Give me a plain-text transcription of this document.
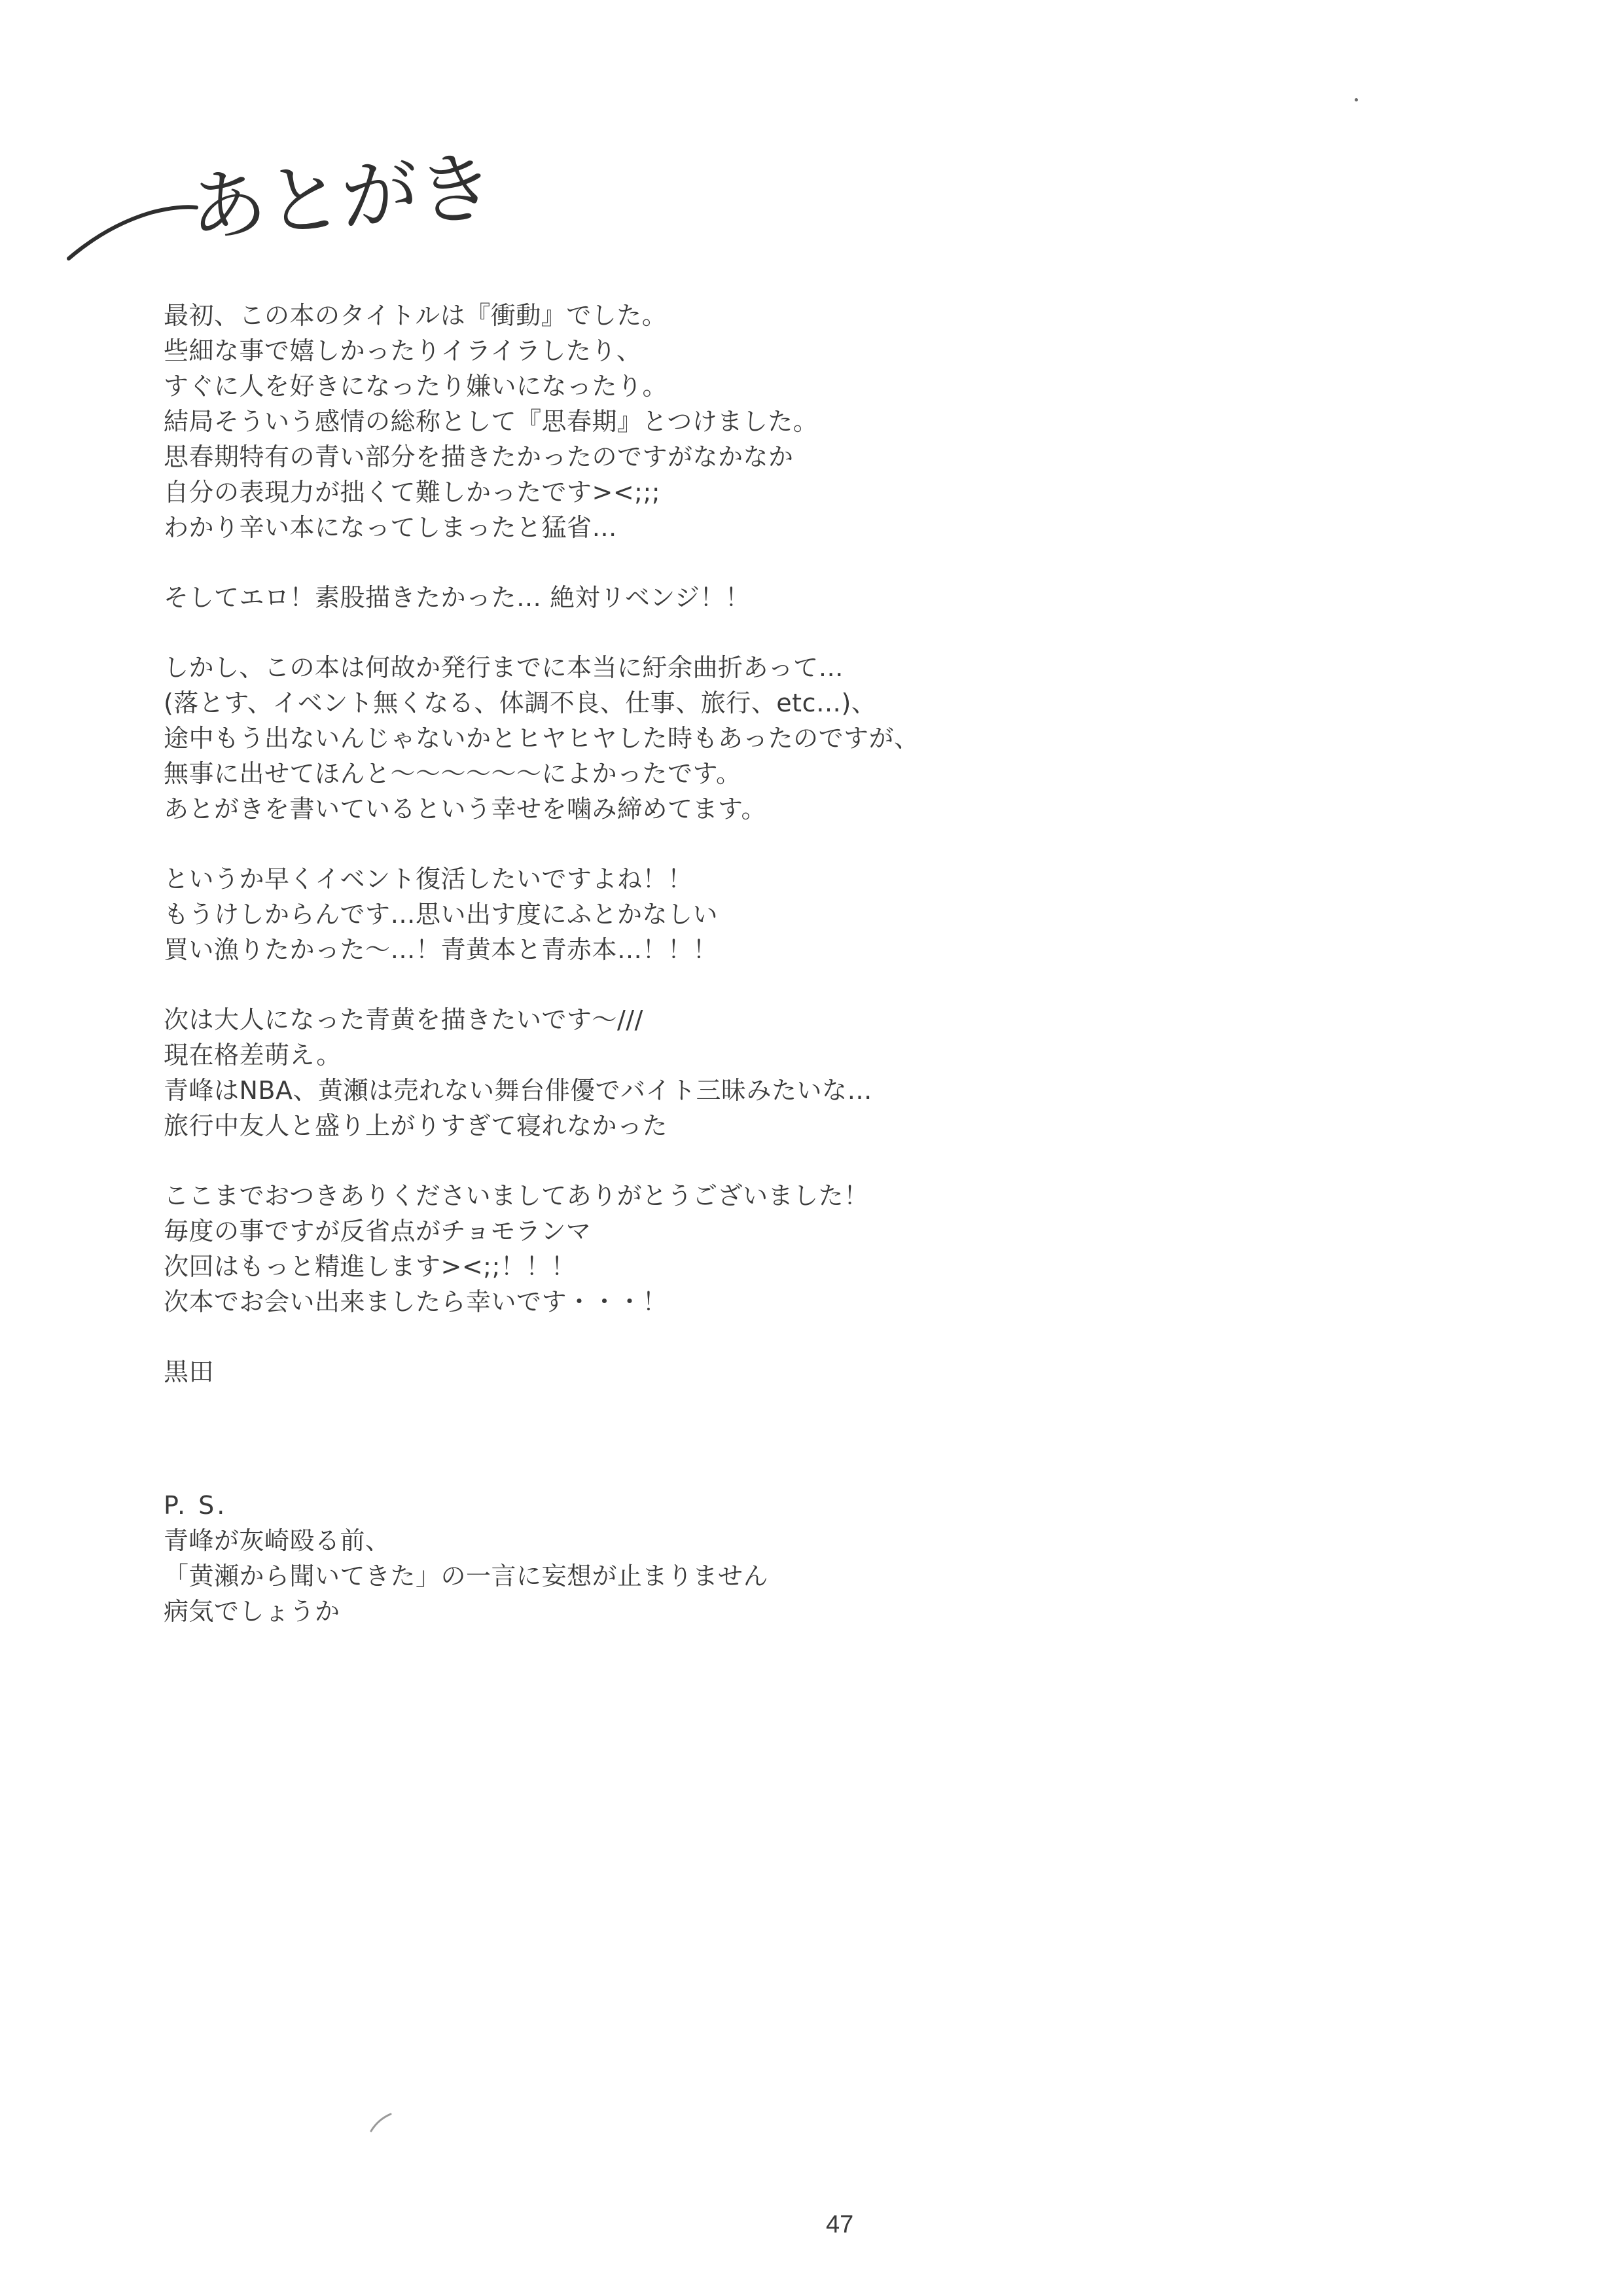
あとがき
最初、この本のタイトルは『衝動』でした。
些細な事で嬉しかったりイライラしたり、
すぐに人を好きになったり嫌いになったり。
結局そういう感情の総称として『思春期』とつけました。
思春期特有の青い部分を描きたかったのですがなかなか
自分の表現力が拙くて難しかったです><;;;
わかり辛い本になってしまったと猛省…
そしてエロ！素股描きたかった… 絶対リベンジ！！
しかし、この本は何故か発行までに本当に紆余曲折あって…
(落とす、イベント無くなる、体調不良、仕事、旅行、etc…)、
途中もう出ないんじゃないかとヒヤヒヤした時もあったのですが、
無事に出せてほんと〜〜〜〜〜〜によかったです。
あとがきを書いているという幸せを噛み締めてます。
というか早くイベント復活したいですよね！！
もうけしからんです…思い出す度にふとかなしい
買い漁りたかった〜…！青黄本と青赤本…！！！
次は大人になった青黄を描きたいです〜///
現在格差萌え。
青峰はNBA、黄瀬は売れない舞台俳優でバイト三昧みたいな…
旅行中友人と盛り上がりすぎて寝れなかった
ここまでおつきありくださいましてありがとうございました！
毎度の事ですが反省点がチョモランマ
次回はもっと精進します><;;！！！
次本でお会い出来ましたら幸いです・・・！
黒田
P. S.
青峰が灰崎殴る前、
「黄瀬から聞いてきた」の一言に妄想が止まりません
病気でしょうか
47
